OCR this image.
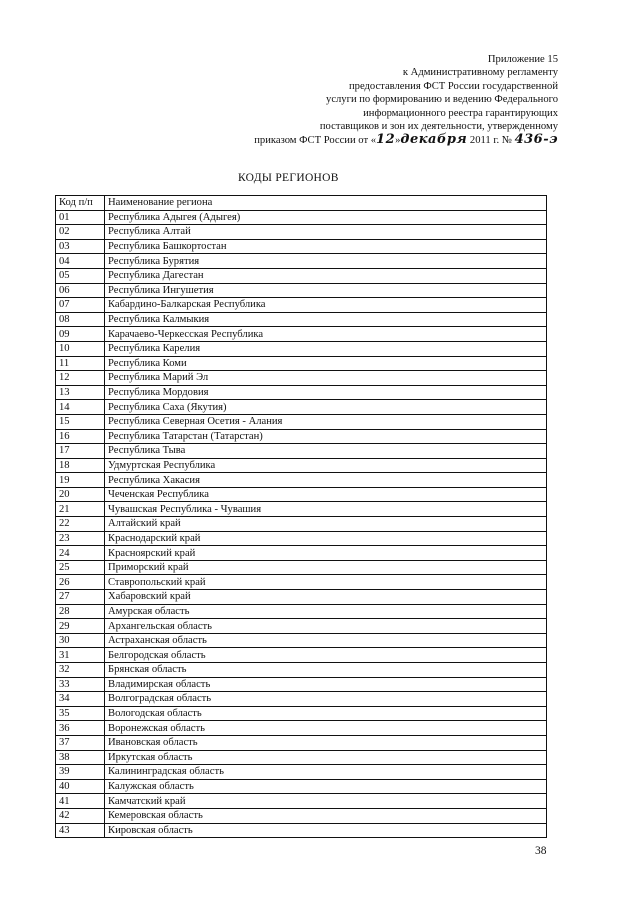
Приложение 15
к Административному регламенту
предоставления ФСТ России государственной
услуги по формированию и ведению Федерального
информационного реестра гарантирующих
поставщиков и зон их деятельности, утвержденному
приказом ФСТ России от «12»декабря 2011 г. № 436-э
КОДЫ РЕГИОНОВ
Код п/п	Наименование региона
01	Республика Адыгея (Адыгея)
02	Республика Алтай
03	Республика Башкортостан
04	Республика Бурятия
05	Республика Дагестан
06	Республика Ингушетия
07	Кабардино-Балкарская Республика
08	Республика Калмыкия
09	Карачаево-Черкесская Республика
10	Республика Карелия
11	Республика Коми
12	Республика Марий Эл
13	Республика Мордовия
14	Республика Саха (Якутия)
15	Республика Северная Осетия - Алания
16	Республика Татарстан (Татарстан)
17	Республика Тыва
18	Удмуртская Республика
19	Республика Хакасия
20	Чеченская Республика
21	Чувашская Республика - Чувашия
22	Алтайский край
23	Краснодарский край
24	Красноярский край
25	Приморский край
26	Ставропольский край
27	Хабаровский край
28	Амурская область
29	Архангельская область
30	Астраханская область
31	Белгородская область
32	Брянская область
33	Владимирская область
34	Волгоградская область
35	Вологодская область
36	Воронежская область
37	Ивановская область
38	Иркутская область
39	Калининградская область
40	Калужская область
41	Камчатский край
42	Кемеровская область
43	Кировская область
38
